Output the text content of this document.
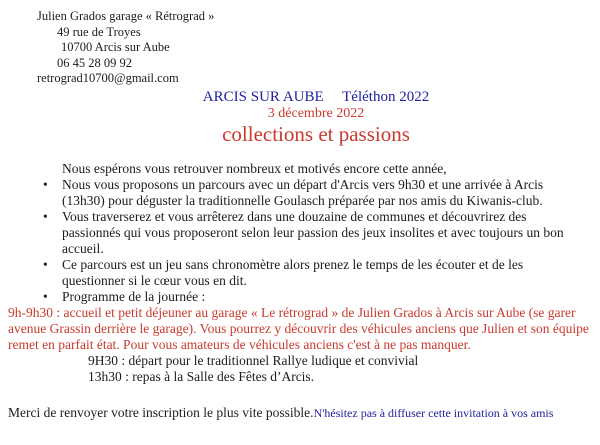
Julien Grados garage « Rétrograd »
49 rue de Troyes
10700 Arcis sur Aube
06 45 28 09 92
retrograd10700@gmail.com
ARCIS SUR AUBE     Téléthon 2022
3 décembre 2022
collections et passions
Nous espérons vous retrouver nombreux et motivés encore cette année,
• Nous vous proposons un parcours avec un départ d'Arcis vers 9h30 et une arrivée à Arcis (13h30) pour déguster la traditionnelle Goulasch préparée par nos amis du Kiwanis-club.
• Vous traverserez et vous arrêterez dans une douzaine de communes et découvrirez des passionnés qui vous proposeront selon leur passion des jeux insolites et avec toujours un bon accueil.
• Ce parcours est un jeu sans chronomètre alors prenez le temps de les écouter et de les questionner si le cœur vous en dit.
• Programme de la journée :
9h-9h30 : accueil et petit déjeuner au garage « Le rétrograd » de Julien Grados à Arcis sur Aube (se garer avenue Grassin derrière le garage). Vous pourrez y découvrir des véhicules anciens que Julien et son équipe remet en parfait état. Pour vous amateurs de véhicules anciens c'est à ne pas manquer.
9H30 : départ pour le traditionnel Rallye ludique et convivial
13h30 : repas à la Salle des Fêtes d’Arcis.
Merci de renvoyer votre inscription le plus vite possible.N'hésitez pas à diffuser cette invitation à vos amis
